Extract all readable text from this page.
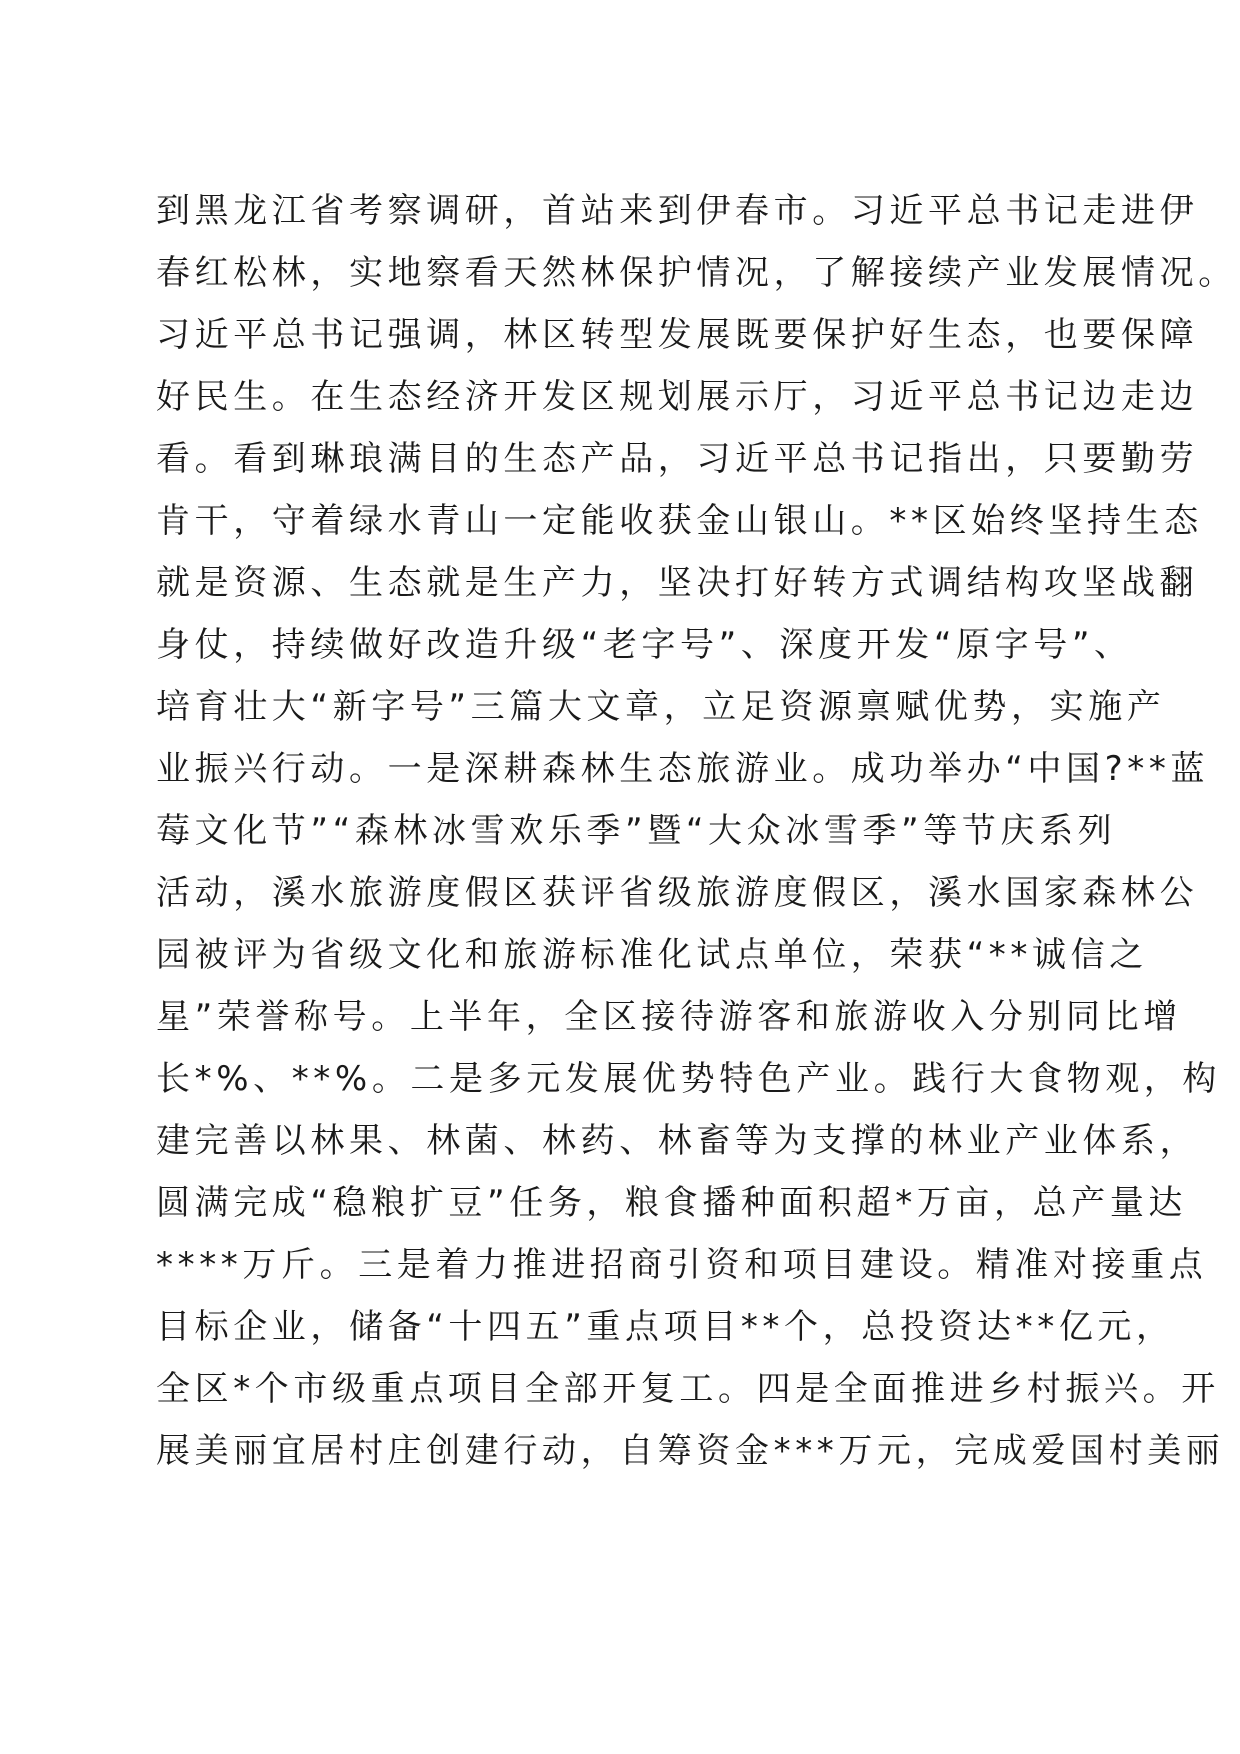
到黑龙江省考察调研，首站来到伊春市。习近平总书记走进伊
春红松林，实地察看天然林保护情况，了解接续产业发展情况。
习近平总书记强调，林区转型发展既要保护好生态，也要保障
好民生。在生态经济开发区规划展示厅，习近平总书记边走边
看。看到琳琅满目的生态产品，习近平总书记指出，只要勤劳
肯干，守着绿水青山一定能收获金山银山。**区始终坚持生态
就是资源、生态就是生产力，坚决打好转方式调结构攻坚战翻
身仗，持续做好改造升级“老字号”、深度开发“原字号”、
培育壮大“新字号”三篇大文章，立足资源禀赋优势，实施产
业振兴行动。一是深耕森林生态旅游业。成功举办“中国?**蓝
莓文化节”“森林冰雪欢乐季”暨“大众冰雪季”等节庆系列
活动，溪水旅游度假区获评省级旅游度假区，溪水国家森林公
园被评为省级文化和旅游标准化试点单位，荣获“**诚信之
星”荣誉称号。上半年，全区接待游客和旅游收入分别同比增
长*%、**%。二是多元发展优势特色产业。践行大食物观，构
建完善以林果、林菌、林药、林畜等为支撑的林业产业体系，
圆满完成“稳粮扩豆”任务，粮食播种面积超*万亩，总产量达
****万斤。三是着力推进招商引资和项目建设。精准对接重点
目标企业，储备“十四五”重点项目**个，总投资达**亿元，
全区*个市级重点项目全部开复工。四是全面推进乡村振兴。开
展美丽宜居村庄创建行动，自筹资金***万元，完成爱国村美丽
